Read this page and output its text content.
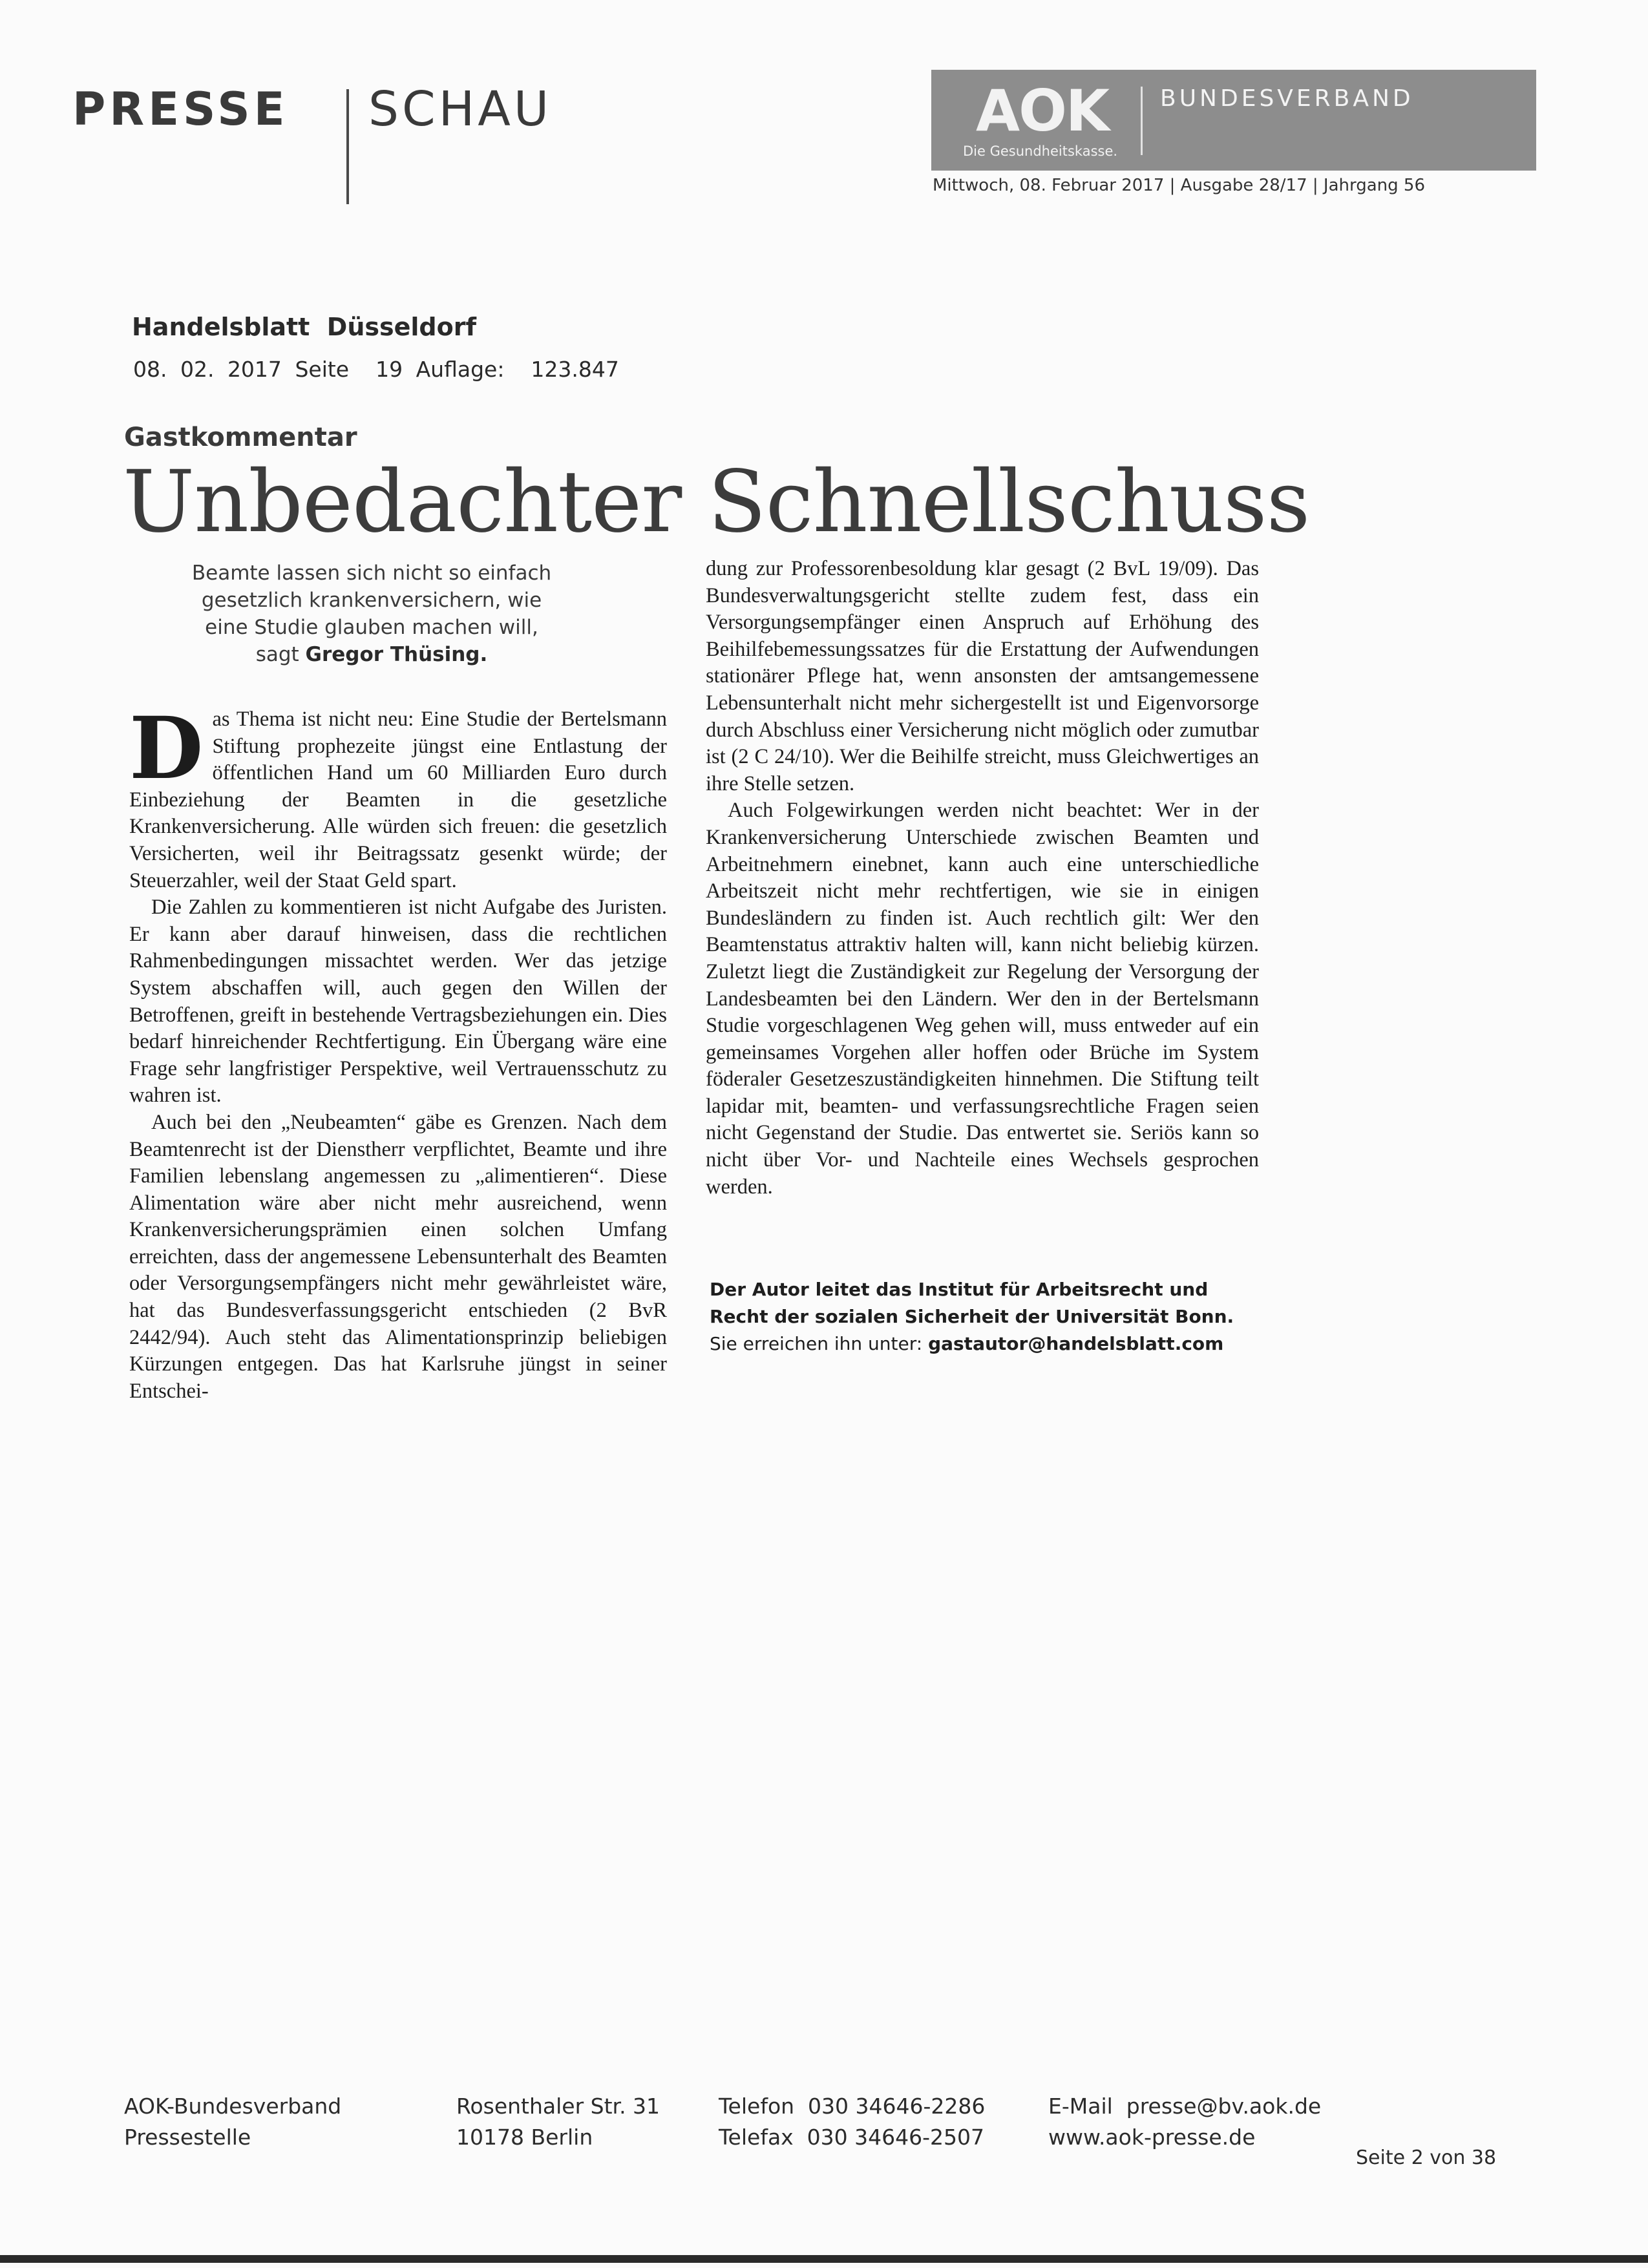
PRESSE SCHAU	AOK
Die Gesundheitskasse.
BUNDESVERBAND
Mittwoch, 08. Februar 2017 | Ausgabe 28/17 | Jahrgang 56
Handelsblatt  Düsseldorf
08. 02. 2017 Seite  19 Auflage:  123.847
Gastkommentar
Unbedachter Schnellschuss
Beamte lassen sich nicht so einfach
gesetzlich krankenversichern, wie
eine Studie glauben machen will,
sagt Gregor Thüsing.

Das Thema ist nicht neu: Eine Studie der Bertelsmann Stiftung prophezeite jüngst eine Entlastung der öffentlichen Hand um 60 Milliarden Euro durch Einbeziehung der Beamten in die gesetzliche Krankenversicherung. Alle würden sich freuen: die gesetzlich Versicherten, weil ihr Beitragssatz gesenkt würde; der Steuerzahler, weil der Staat Geld spart.

Die Zahlen zu kommentieren ist nicht Aufgabe des Juristen. Er kann aber darauf hinweisen, dass die rechtlichen Rahmenbedingungen missachtet werden. Wer das jetzige System abschaffen will, auch gegen den Willen der Betroffenen, greift in bestehende Vertragsbeziehungen ein. Dies bedarf hinreichender Rechtfertigung. Ein Übergang wäre eine Frage sehr langfristiger Perspektive, weil Vertrauensschutz zu wahren ist.

Auch bei den „Neubeamten“ gäbe es Grenzen. Nach dem Beamtenrecht ist der Dienstherr verpflichtet, Beamte und ihre Familien lebenslang angemessen zu „alimentieren“. Diese Alimentation wäre aber nicht mehr ausreichend, wenn Krankenversicherungsprämien einen solchen Umfang erreichten, dass der angemessene Lebensunterhalt des Beamten oder Versorgungsempfängers nicht mehr gewährleistet wäre, hat das Bundesverfassungsgericht entschieden (2 BvR 2442/94). Auch steht das Alimentationsprinzip beliebigen Kürzungen entgegen. Das hat Karlsruhe jüngst in seiner Entschei-

dung zur Professorenbesoldung klar gesagt (2 BvL 19/09). Das Bundesverwaltungsgericht stellte zudem fest, dass ein Versorgungsempfänger einen Anspruch auf Erhöhung des Beihilfebemessungssatzes für die Erstattung der Aufwendungen stationärer Pflege hat, wenn ansonsten der amtsangemessene Lebensunterhalt nicht mehr sichergestellt ist und Eigenvorsorge durch Abschluss einer Versicherung nicht möglich oder zumutbar ist (2 C 24/10). Wer die Beihilfe streicht, muss Gleichwertiges an ihre Stelle setzen.

Auch Folgewirkungen werden nicht beachtet: Wer in der Krankenversicherung Unterschiede zwischen Beamten und Arbeitnehmern einebnet, kann auch eine unterschiedliche Arbeitszeit nicht mehr rechtfertigen, wie sie in einigen Bundesländern zu finden ist. Auch rechtlich gilt: Wer den Beamtenstatus attraktiv halten will, kann nicht beliebig kürzen. Zuletzt liegt die Zuständigkeit zur Regelung der Versorgung der Landesbeamten bei den Ländern. Wer den in der Bertelsmann Studie vorgeschlagenen Weg gehen will, muss entweder auf ein gemeinsames Vorgehen aller hoffen oder Brüche im System föderaler Gesetzeszuständigkeiten hinnehmen. Die Stiftung teilt lapidar mit, beamten- und verfassungsrechtliche Fragen seien nicht Gegenstand der Studie. Das entwertet sie. Seriös kann so nicht über Vor- und Nachteile eines Wechsels gesprochen werden.

Der Autor leitet das Institut für Arbeitsrecht und
Recht der sozialen Sicherheit der Universität Bonn.
Sie erreichen ihn unter: gastautor@handelsblatt.com
AOK-Bundesverband
Pressestelle
Rosenthaler Str. 31
10178 Berlin
Telefon  030 34646-2286
Telefax  030 34646-2507
E-Mail  presse@bv.aok.de
www.aok-presse.de
Seite 2 von 38
